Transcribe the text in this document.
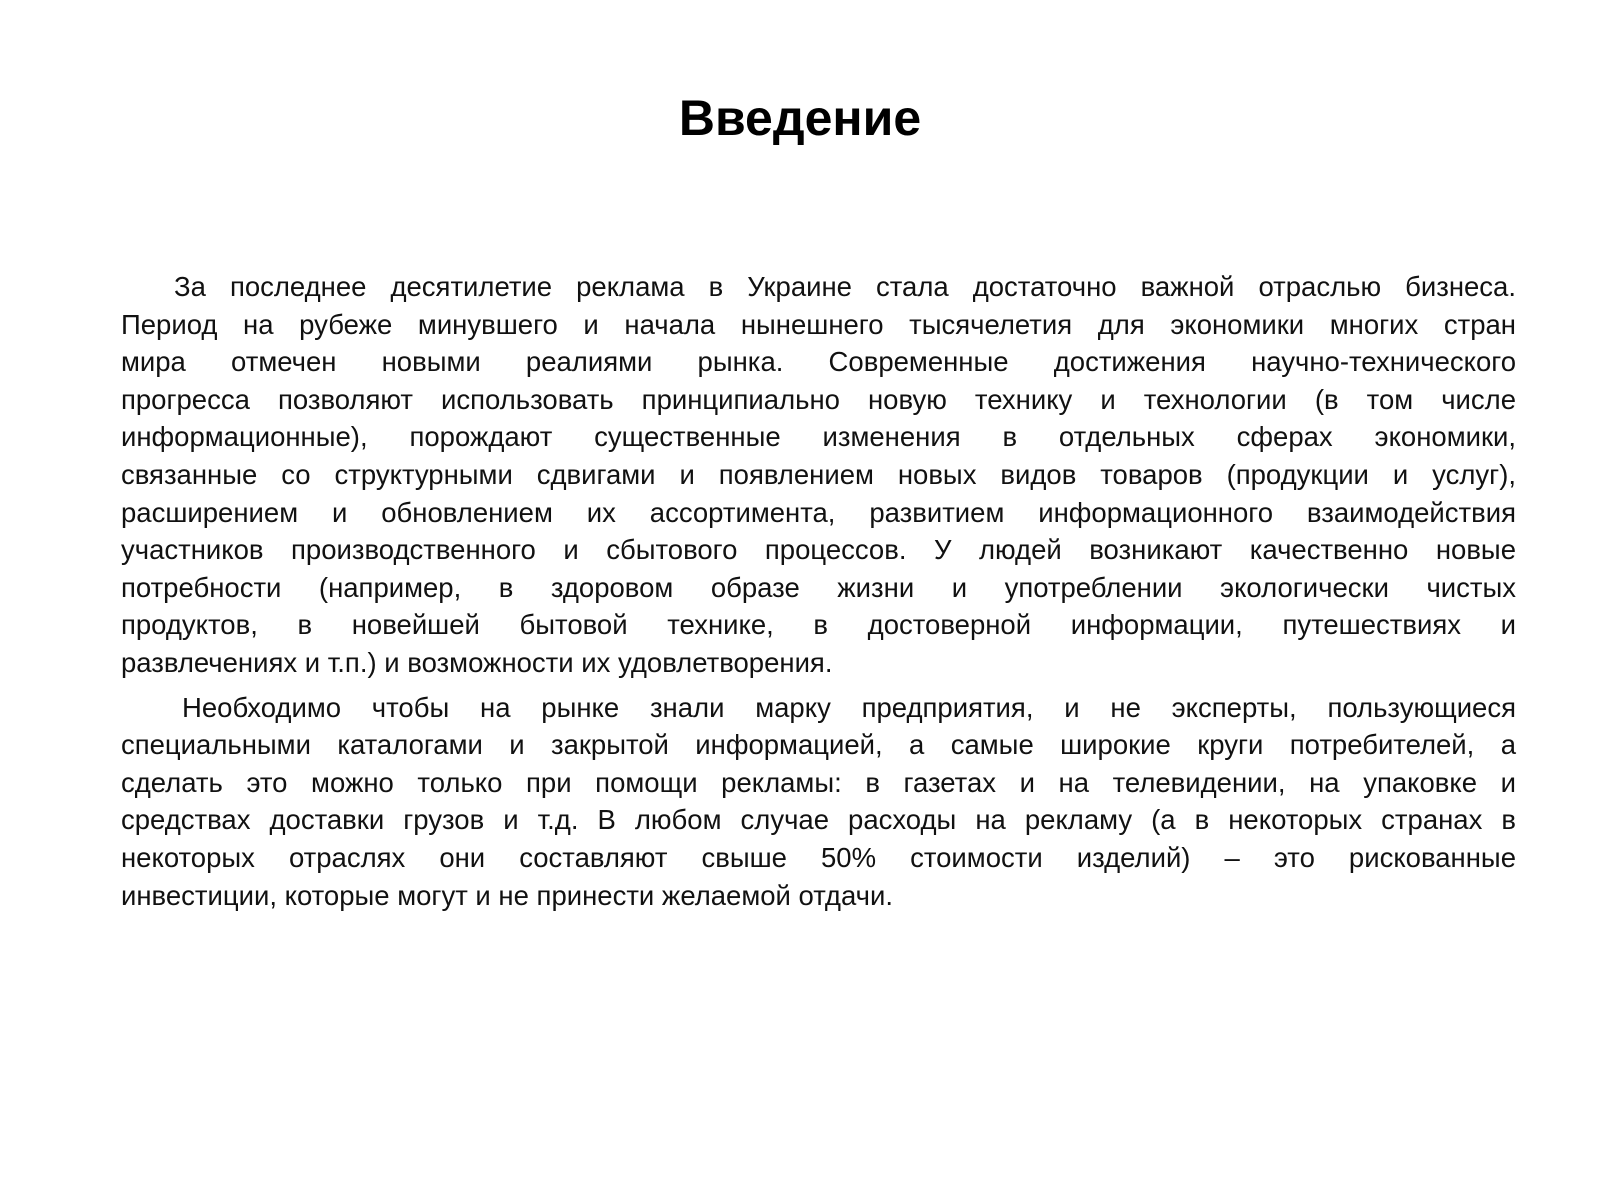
Введение
За последнее десятилетие реклама в Украине стала достаточно важной отраслью бизнеса.
Период на рубеже минувшего и начала нынешнего тысячелетия для экономики многих стран
мира отмечен новыми реалиями рынка. Современные достижения научно-технического
прогресса позволяют использовать принципиально новую технику и технологии (в том числе
информационные), порождают существенные изменения в отдельных сферах экономики,
связанные со структурными сдвигами и появлением новых видов товаров (продукции и услуг),
расширением и обновлением их ассортимента, развитием информационного взаимодействия
участников производственного и сбытового процессов. У людей возникают качественно новые
потребности (например, в здоровом образе жизни и употреблении экологически чистых
продуктов, в новейшей бытовой технике, в достоверной информации, путешествиях и
развлечениях и т.п.) и возможности их удовлетворения.
Необходимо чтобы на рынке знали марку предприятия, и не эксперты, пользующиеся
специальными каталогами и закрытой информацией, а самые широкие круги потребителей, а
сделать это можно только при помощи рекламы: в газетах и на телевидении, на упаковке и
средствах доставки грузов и т.д. В любом случае расходы на рекламу (а в некоторых странах в
некоторых отраслях они составляют свыше 50% стоимости изделий) – это рискованные
инвестиции, которые могут и не принести желаемой отдачи.
